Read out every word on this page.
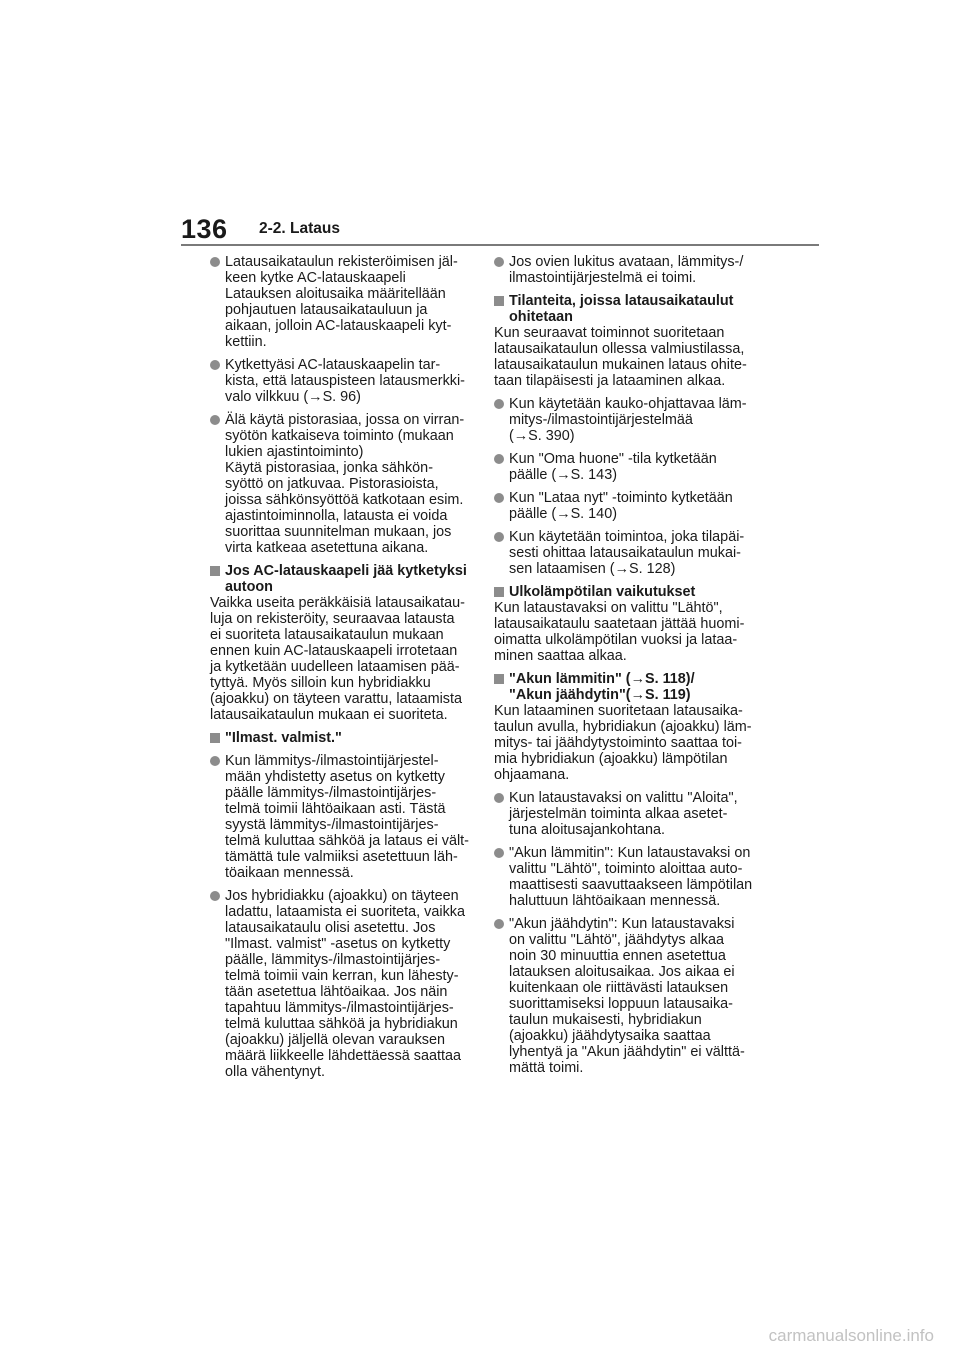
136 2-2. Lataus
Latausaikataulun rekisteröimisen jäl-
keen kytke AC-latauskaapeli
Latauksen aloitusaika määritellään
pohjautuen latausaikatauluun ja
aikaan, jolloin AC-latauskaapeli kyt-
kettiin.
Kytkettyäsi AC-latauskaapelin tar-
kista, että latauspisteen latausmerkki-
valo vilkkuu (→S. 96)
Älä käytä pistorasiaa, jossa on virran-
syötön katkaiseva toiminto (mukaan
lukien ajastintoiminto)
Käytä pistorasiaa, jonka sähkön-
syöttö on jatkuvaa. Pistorasioista,
joissa sähkönsyöttöä katkotaan esim.
ajastintoiminnolla, latausta ei voida
suorittaa suunnitelman mukaan, jos
virta katkeaa asetettuna aikana.
Jos AC-latauskaapeli jää kytketyksi
autoon
Vaikka useita peräkkäisiä latausaikatau-
luja on rekisteröity, seuraavaa latausta
ei suoriteta latausaikataulun mukaan
ennen kuin AC-latauskaapeli irrotetaan
ja kytketään uudelleen lataamisen pää-
tyttyä. Myös silloin kun hybridiakku
(ajoakku) on täyteen varattu, lataamista
latausaikataulun mukaan ei suoriteta.
"Ilmast. valmist."
Kun lämmitys-/ilmastointijärjestel-
mään yhdistetty asetus on kytketty
päälle lämmitys-/ilmastointijärjes-
telmä toimii lähtöaikaan asti. Tästä
syystä lämmitys-/ilmastointijärjes-
telmä kuluttaa sähköä ja lataus ei vält-
tämättä tule valmiiksi asetettuun läh-
töaikaan mennessä.
Jos hybridiakku (ajoakku) on täyteen
ladattu, lataamista ei suoriteta, vaikka
latausaikataulu olisi asetettu. Jos
"Ilmast. valmist" -asetus on kytketty
päälle, lämmitys-/ilmastointijärjes-
telmä toimii vain kerran, kun lähesty-
tään asetettua lähtöaikaa. Jos näin
tapahtuu lämmitys-/ilmastointijärjes-
telmä kuluttaa sähköä ja hybridiakun
(ajoakku) jäljellä olevan varauksen
määrä liikkeelle lähdettäessä saattaa
olla vähentynyt.
Jos ovien lukitus avataan, lämmitys-/
ilmastointijärjestelmä ei toimi.
Tilanteita, joissa latausaikataulut
ohitetaan
Kun seuraavat toiminnot suoritetaan
latausaikataulun ollessa valmiustilassa,
latausaikataulun mukainen lataus ohite-
taan tilapäisesti ja lataaminen alkaa.
Kun käytetään kauko-ohjattavaa läm-
mitys-/ilmastointijärjestelmää
(→S. 390)
Kun "Oma huone" -tila kytketään
päälle (→S. 143)
Kun "Lataa nyt" -toiminto kytketään
päälle (→S. 140)
Kun käytetään toimintoa, joka tilapäi-
sesti ohittaa latausaikataulun mukai-
sen lataamisen (→S. 128)
Ulkolämpötilan vaikutukset
Kun lataustavaksi on valittu "Lähtö",
latausaikataulu saatetaan jättää huomi-
oimatta ulkolämpötilan vuoksi ja lataa-
minen saattaa alkaa.
"Akun lämmitin" (→S. 118)/
"Akun jäähdytin"(→S. 119)
Kun lataaminen suoritetaan latausaika-
taulun avulla, hybridiakun (ajoakku) läm-
mitys- tai jäähdytystoiminto saattaa toi-
mia hybridiakun (ajoakku) lämpötilan
ohjaamana.
Kun lataustavaksi on valittu "Aloita",
järjestelmän toiminta alkaa asetet-
tuna aloitusajankohtana.
"Akun lämmitin": Kun lataustavaksi on
valittu "Lähtö", toiminto aloittaa auto-
maattisesti saavuttaakseen lämpötilan
haluttuun lähtöaikaan mennessä.
"Akun jäähdytin": Kun lataustavaksi
on valittu "Lähtö", jäähdytys alkaa
noin 30 minuuttia ennen asetettua
latauksen aloitusaikaa. Jos aikaa ei
kuitenkaan ole riittävästi latauksen
suorittamiseksi loppuun latausaika-
taulun mukaisesti, hybridiakun
(ajoakku) jäähdytysaika saattaa
lyhentyä ja "Akun jäähdytin" ei välttä-
mättä toimi.
carmanualsonline.info
